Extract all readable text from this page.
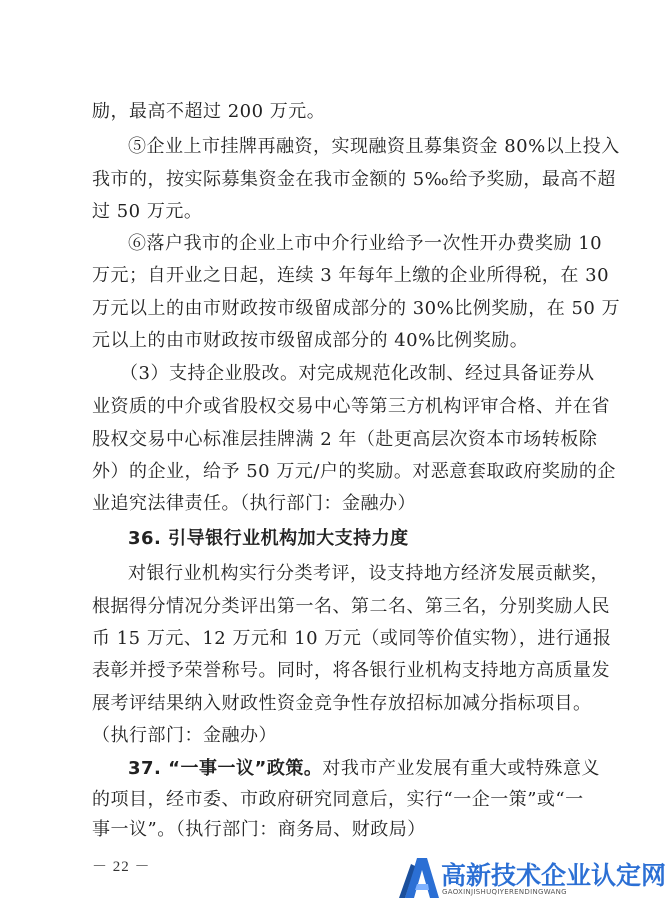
励，最高不超过 200 万元。
⑤企业上市挂牌再融资，实现融资且募集资金 80%以上投入
我市的，按实际募集资金在我市金额的 5‰给予奖励，最高不超
过 50 万元。
⑥落户我市的企业上市中介行业给予一次性开办费奖励 10
万元；自开业之日起，连续 3 年每年上缴的企业所得税，在 30
万元以上的由市财政按市级留成部分的 30%比例奖励，在 50 万
元以上的由市财政按市级留成部分的 40%比例奖励。
（3）支持企业股改。对完成规范化改制、经过具备证券从
业资质的中介或省股权交易中心等第三方机构评审合格、并在省
股权交易中心标准层挂牌满 2 年（赴更高层次资本市场转板除
外）的企业，给予 50 万元/户的奖励。对恶意套取政府奖励的企
业追究法律责任。（执行部门：金融办）
36. 引导银行业机构加大支持力度
对银行业机构实行分类考评，设支持地方经济发展贡献奖，
根据得分情况分类评出第一名、第二名、第三名，分别奖励人民
币 15 万元、12 万元和 10 万元（或同等价值实物），进行通报
表彰并授予荣誉称号。同时，将各银行业机构支持地方高质量发
展考评结果纳入财政性资金竞争性存放招标加减分指标项目。
（执行部门：金融办）
37. “一事一议”政策。对我市产业发展有重大或特殊意义
的项目，经市委、市政府研究同意后，实行“一企一策”或“一
－ 22 －	高新技术企业认定网
GAOXINJISHUQIYERENDINGWANG
事一议”。（执行部门：商务局、财政局）
